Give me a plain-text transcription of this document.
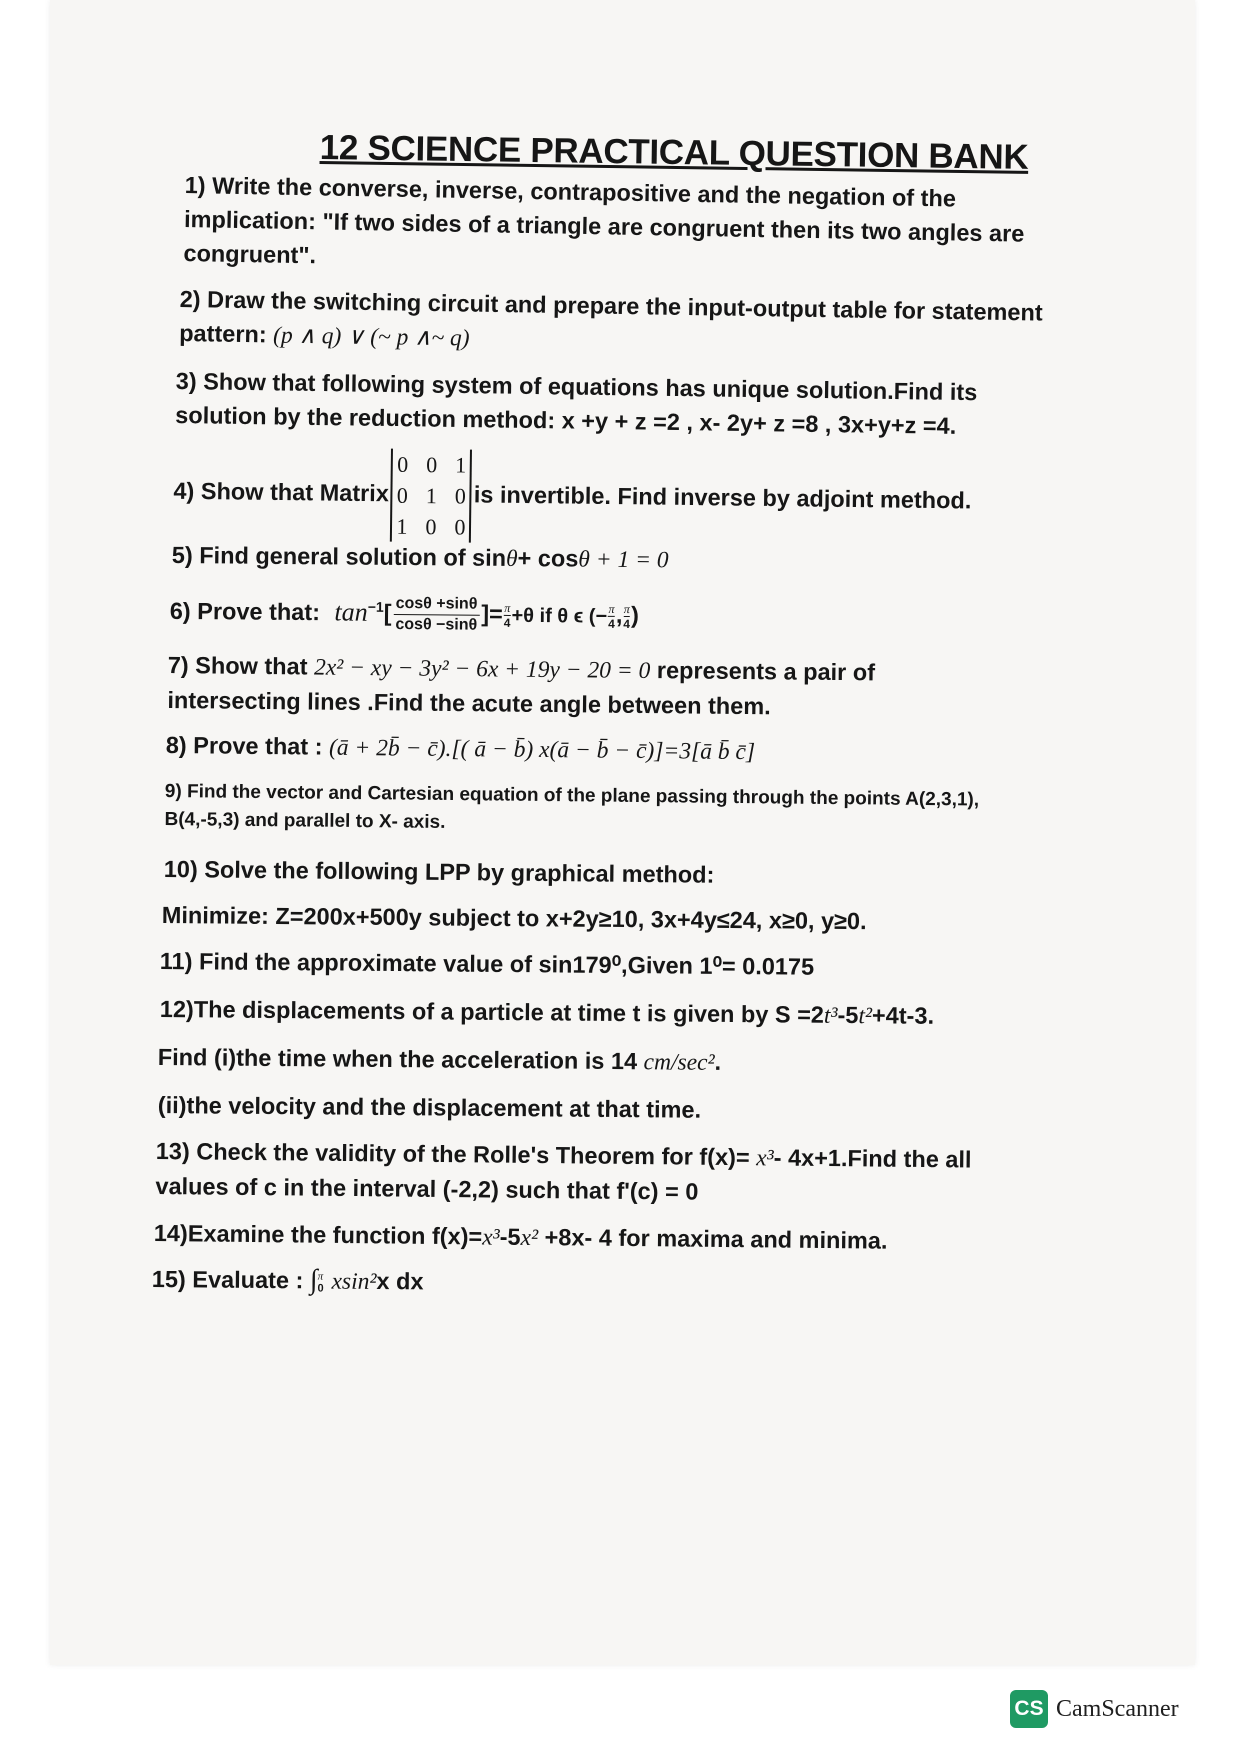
12 SCIENCE PRACTICAL QUESTION BANK
1) Write the converse, inverse, contrapositive and the negation of the
implication: "If two sides of a triangle are congruent then its two angles are
congruent".
2) Draw the switching circuit and prepare the input-output table for statement
pattern: (p ∧ q) ∨ (~ p ∧~ q)
3) Show that following system of equations has unique solution.Find its
solution by the reduction method: x +y + z =2 , x- 2y+ z =8 , 3x+y+z =4.
4) Show that Matrix
0 0 1
0 1 0
1 0 0
is invertible. Find inverse by adjoint method.
5) Find general solution of sinθ+ cosθ + 1 = 0
6) Prove that: $\tan^{-1}[ \frac{\cos\theta +\sin\theta}{\cos\theta -\sin\theta}$ ]= $\frac{\pi}{4} +\theta$ if θ ϵ (− $\frac{\pi}{4}$ , $\frac{\pi}{4}$ )
7) Show that 2x² − xy − 3y² − 6x + 19y − 20 = 0 represents a pair of
intersecting lines .Find the acute angle between them.
8) Prove that : (ā + 2b̄ − c̄).[( ā − b̄) x(ā − b̄ − c̄)]=3[ā b̄ c̄]
9) Find the vector and Cartesian equation of the plane passing through the points A(2,3,1),
B(4,-5,3) and parallel to X- axis.
10) Solve the following LPP by graphical method:
Minimize: Z=200x+500y subject to x+2y≥10, 3x+4y≤24, x≥0, y≥0.
11) Find the approximate value of sin179⁰,Given 1⁰= 0.0175
12)The displacements of a particle at time t is given by S =2t³-5t²+4t-3.
Find (i)the time when the acceleration is 14 cm/sec².
(ii)the velocity and the displacement at that time.
13) Check the validity of the Rolle's Theorem for f(x)= x³- 4x+1.Find the all
values of c in the interval (-2,2) such that f'(c) = 0
14)Examine the function f(x)=x³-5x² +8x- 4 for maxima and minima.
15) Evaluate : ∫ π
0 xsin²x dx
CS CamScanner
